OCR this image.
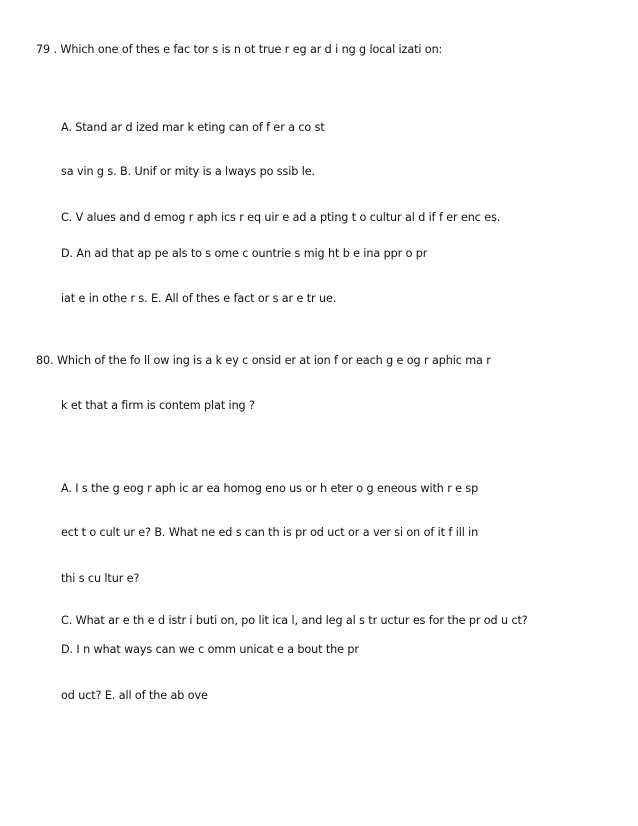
79 . Which one of thes e fac tor s is n ot true r eg ar d i ng g local izati on:
A. Stand ar d ized mar k eting can of f er a co st
sa vin g s. B. Unif or mity is a lways po ssib le.
C. V alues and d emog r aph ics r eq uir e ad a pting t o cultur al d if f er enc es.
D. An ad that ap pe als to s ome c ountrie s mig ht b e ina ppr o pr
iat e in othe r s. E. All of thes e fact or s ar e tr ue.
80. Which of the fo ll ow ing is a k ey c onsid er at ion f or each g e og r aphic ma r
k et that a firm is contem plat ing ?
A. I s the g eog r aph ic ar ea homog eno us or h eter o g eneous with r e sp
ect t o cult ur e? B. What ne ed s can th is pr od uct or a ver si on of it f ill in
thi s cu ltur e?
C. What ar e th e d istr i buti on, po lit ica l, and leg al s tr uctur es for the pr od u ct?
D. I n what ways can we c omm unicat e a bout the pr
od uct? E. all of the ab ove
